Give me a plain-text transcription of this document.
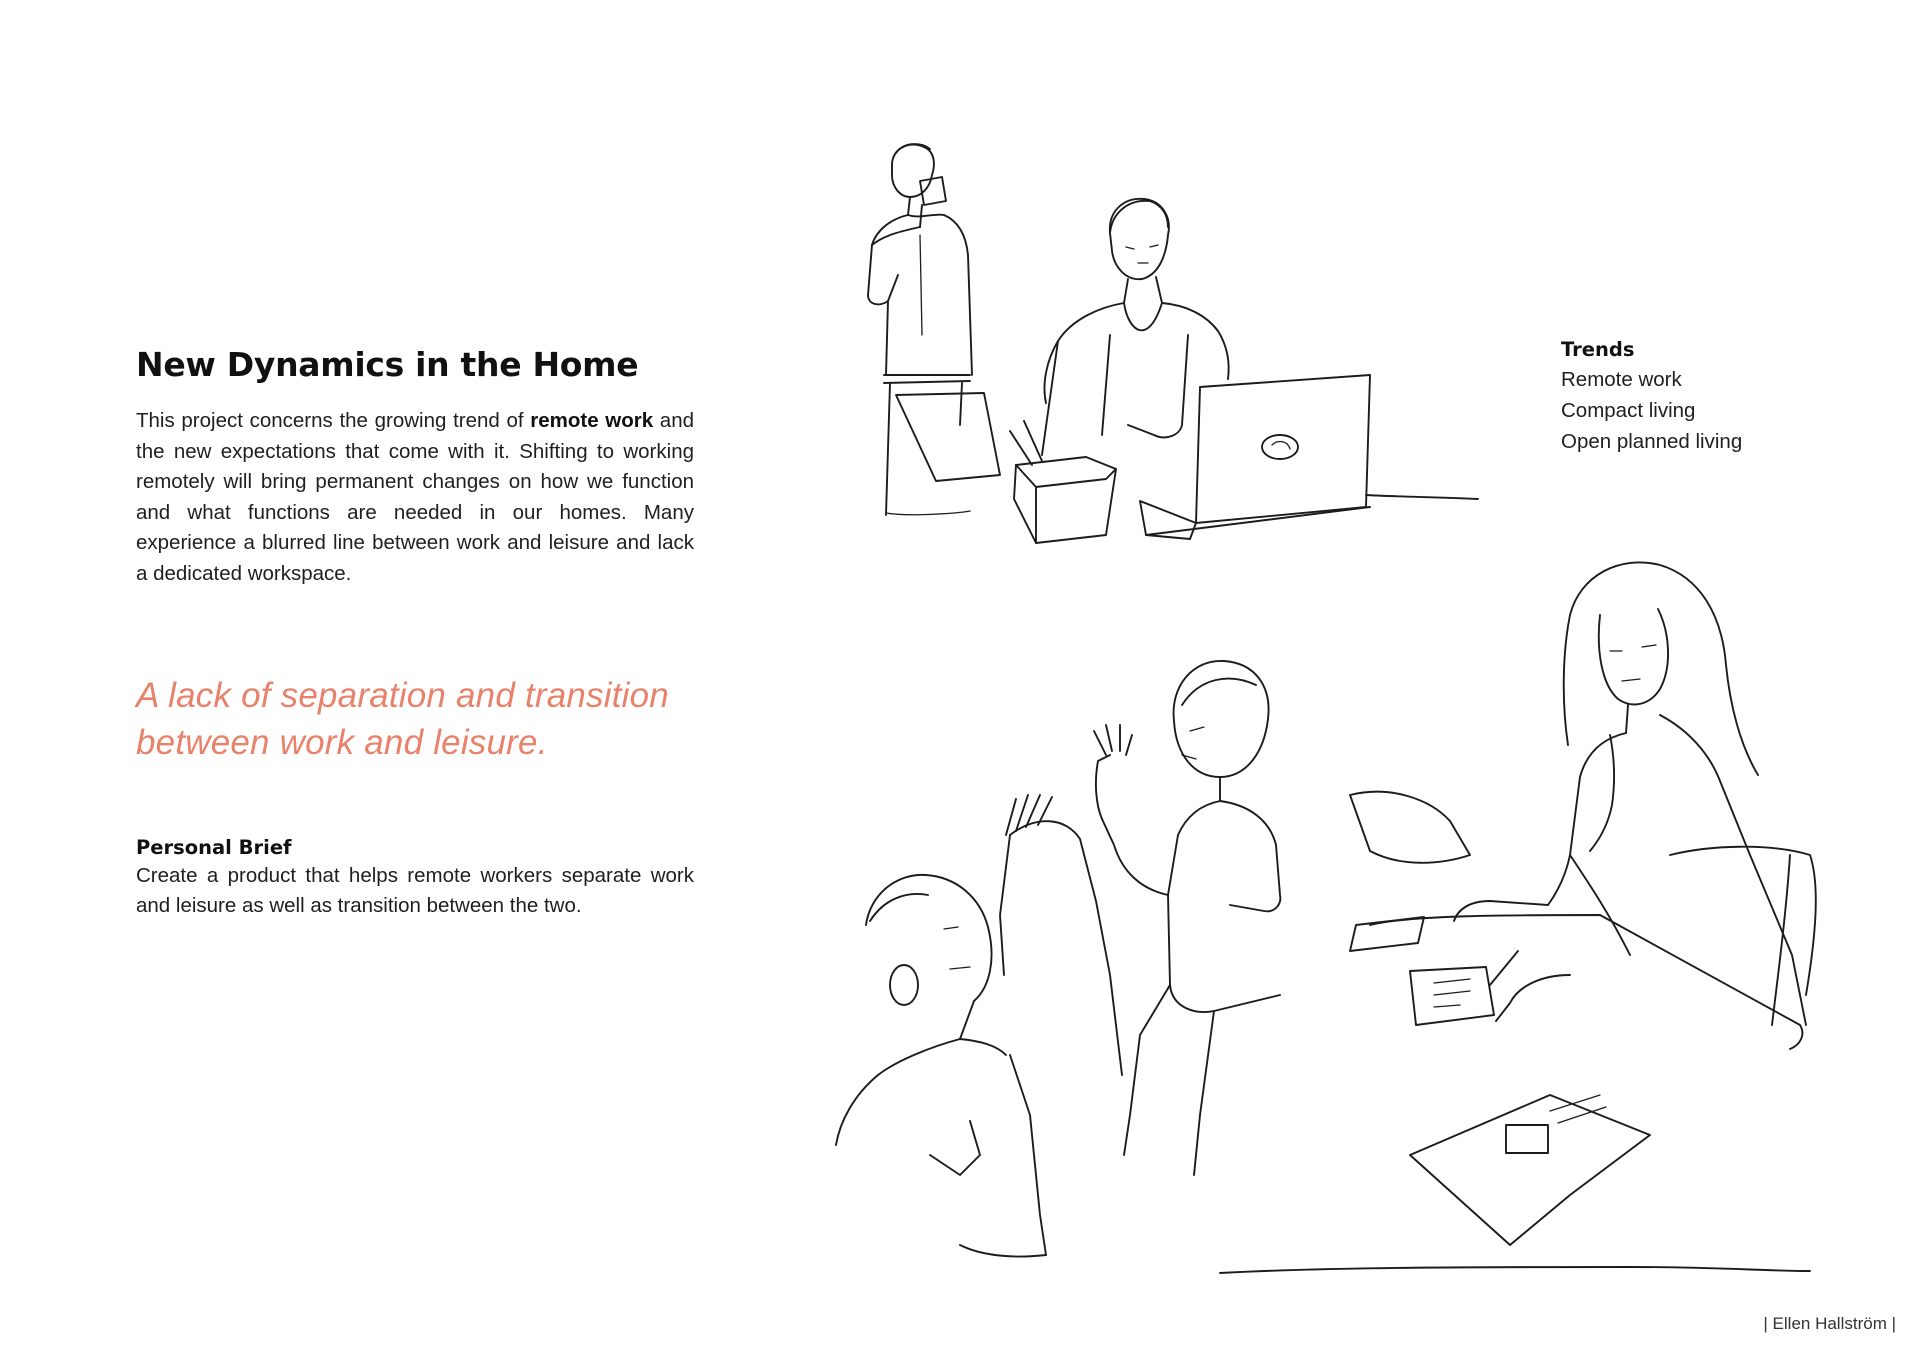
New Dynamics in the Home

This project concerns the growing trend of remote work and the new expectations that come with it. Shifting to working remotely will bring permanent changes on how we function and what functions are needed in our homes. Many experience a blurred line between work and leisure and lack a dedicated workspace.

A lack of separation and transition between work and leisure.

Personal Brief

Create a product that helps remote workers separate work and leisure as well as transition between the two.

Trends
Remote work
Compact living
Open planned living
| Ellen Hallström |
